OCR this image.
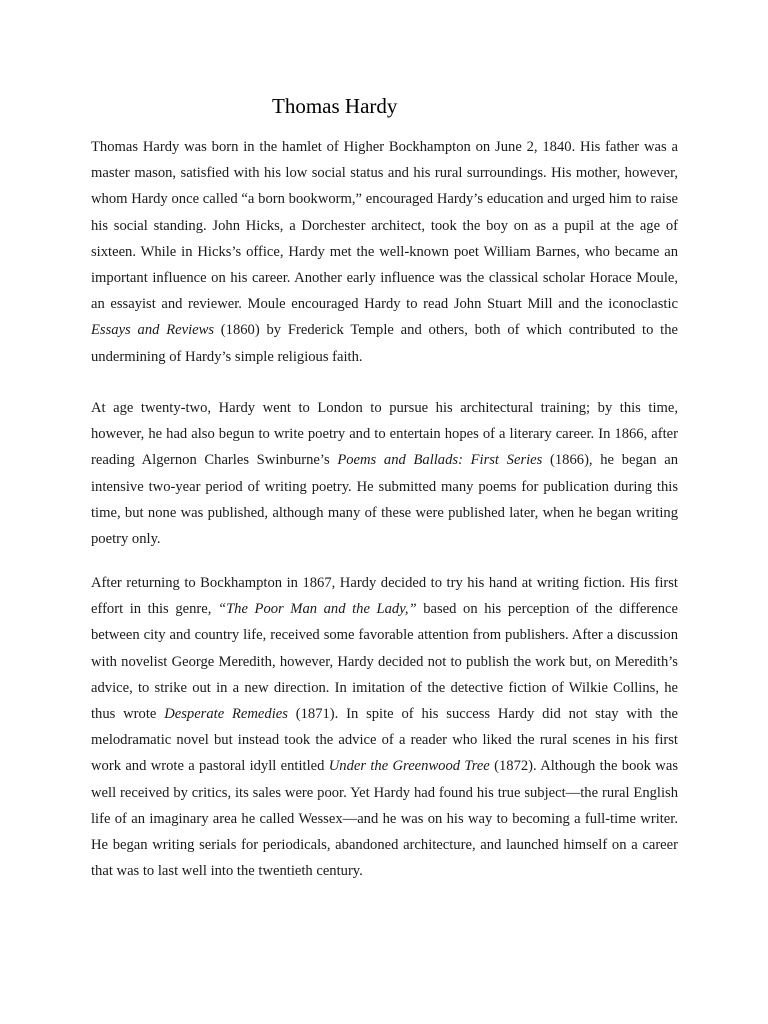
Thomas Hardy

Thomas Hardy was born in the hamlet of Higher Bockhampton on June 2, 1840. His father was a master mason, satisfied with his low social status and his rural surroundings. His mother, however, whom Hardy once called “a born bookworm,” encouraged Hardy’s education and urged him to raise his social standing. John Hicks, a Dorchester architect, took the boy on as a pupil at the age of sixteen. While in Hicks’s office, Hardy met the well-known poet William Barnes, who became an important influence on his career. Another early influence was the classical scholar Horace Moule, an essayist and reviewer. Moule encouraged Hardy to read John Stuart Mill and the iconoclastic Essays and Reviews (1860) by Frederick Temple and others, both of which contributed to the undermining of Hardy’s simple religious faith.

At age twenty-two, Hardy went to London to pursue his architectural training; by this time, however, he had also begun to write poetry and to entertain hopes of a literary career. In 1866, after reading Algernon Charles Swinburne’s Poems and Ballads: First Series (1866), he began an intensive two-year period of writing poetry. He submitted many poems for publication during this time, but none was published, although many of these were published later, when he began writing poetry only.

After returning to Bockhampton in 1867, Hardy decided to try his hand at writing fiction. His first effort in this genre, “The Poor Man and the Lady,” based on his perception of the difference between city and country life, received some favorable attention from publishers. After a discussion with novelist George Meredith, however, Hardy decided not to publish the work but, on Meredith’s advice, to strike out in a new direction. In imitation of the detective fiction of Wilkie Collins, he thus wrote Desperate Remedies (1871). In spite of his success Hardy did not stay with the melodramatic novel but instead took the advice of a reader who liked the rural scenes in his first work and wrote a pastoral idyll entitled Under the Greenwood Tree (1872). Although the book was well received by critics, its sales were poor. Yet Hardy had found his true subject—the rural English life of an imaginary area he called Wessex—and he was on his way to becoming a full-time writer. He began writing serials for periodicals, abandoned architecture, and launched himself on a career that was to last well into the twentieth century.
